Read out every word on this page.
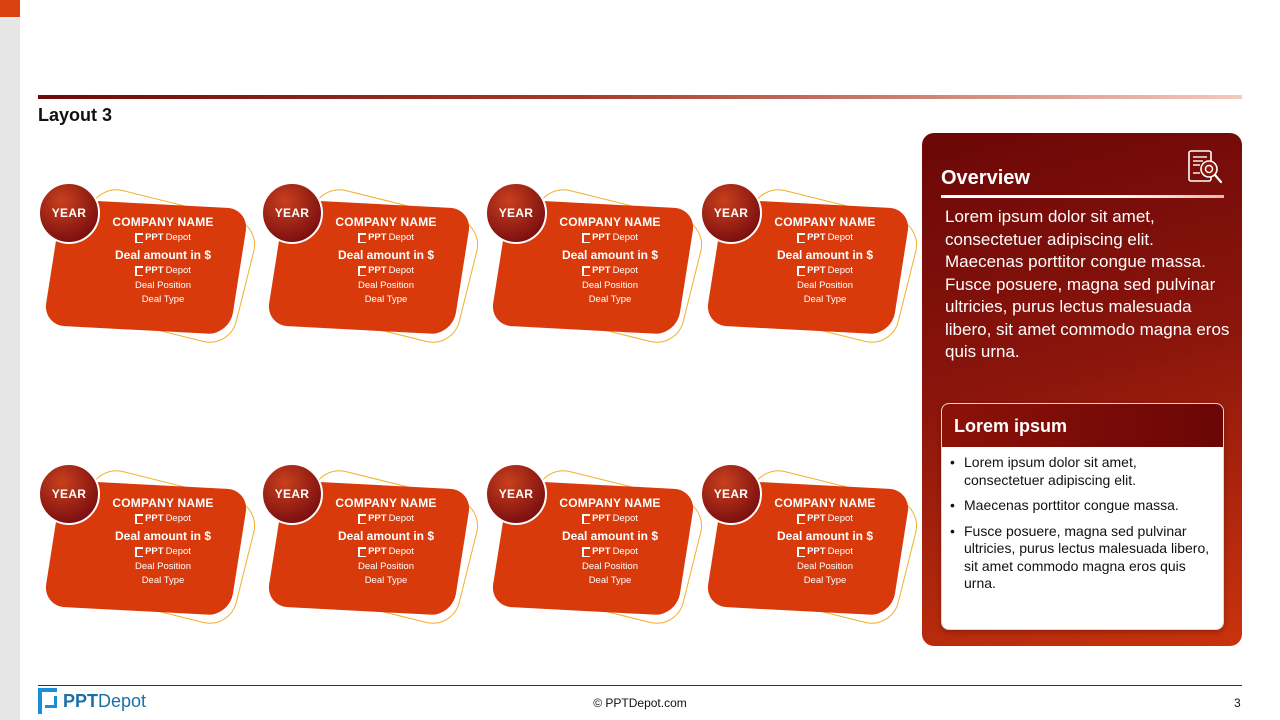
Layout 3
YEAR
COMPANY NAME
PPT Depot
Deal amount in $
PPT Depot
Deal Position
Deal Type
YEAR
COMPANY NAME
PPT Depot
Deal amount in $
PPT Depot
Deal Position
Deal Type
YEAR
COMPANY NAME
PPT Depot
Deal amount in $
PPT Depot
Deal Position
Deal Type
YEAR
COMPANY NAME
PPT Depot
Deal amount in $
PPT Depot
Deal Position
Deal Type
YEAR
COMPANY NAME
PPT Depot
Deal amount in $
PPT Depot
Deal Position
Deal Type
YEAR
COMPANY NAME
PPT Depot
Deal amount in $
PPT Depot
Deal Position
Deal Type
YEAR
COMPANY NAME
PPT Depot
Deal amount in $
PPT Depot
Deal Position
Deal Type
YEAR
COMPANY NAME
PPT Depot
Deal amount in $
PPT Depot
Deal Position
Deal Type
Overview
Lorem ipsum dolor sit amet, consectetuer adipiscing elit. Maecenas porttitor congue massa. Fusce posuere, magna sed pulvinar ultricies, purus lectus malesuada libero, sit amet commodo magna eros quis urna.
Lorem ipsum
• Lorem ipsum dolor sit amet, consectetuer adipiscing elit.
• Maecenas porttitor congue massa.
• Fusce posuere, magna sed pulvinar ultricies, purus lectus malesuada libero, sit amet commodo magna eros quis urna.
PPTDepot	© PPTDepot.com	3
